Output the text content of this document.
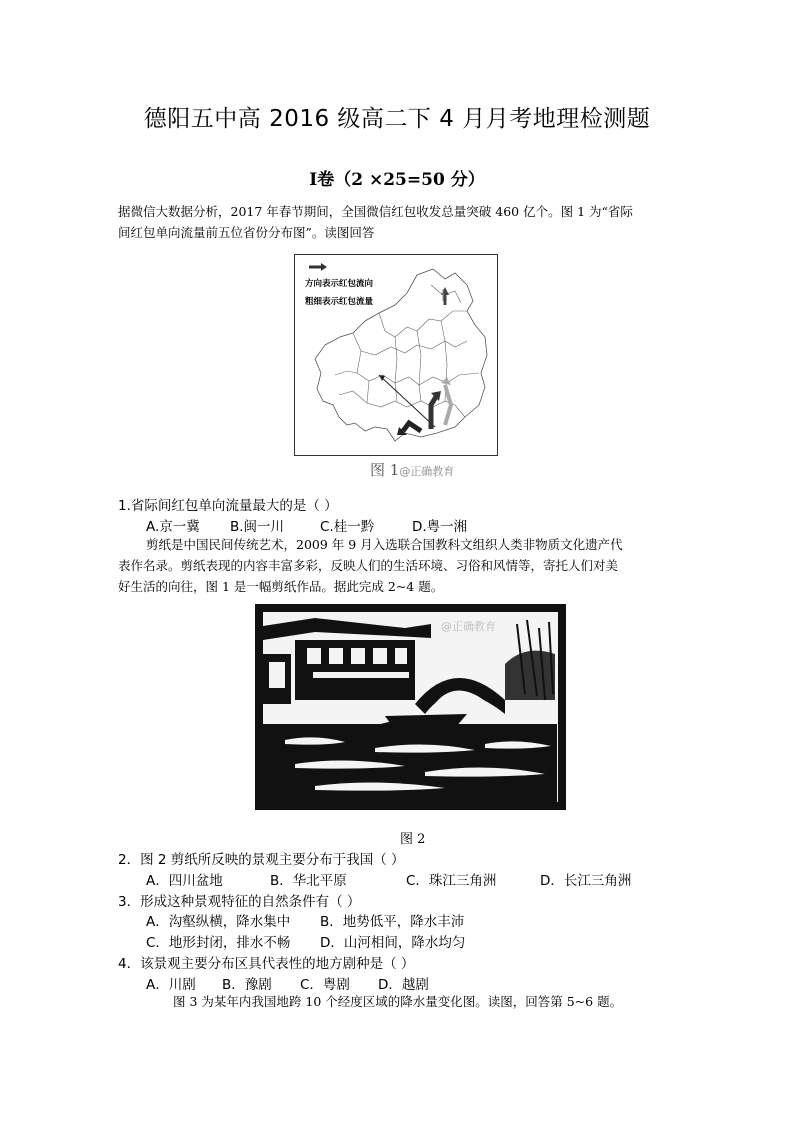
德阳五中高 2016 级高二下 4 月月考地理检测题
Ⅰ卷（2 ×25=50 分）
据微信大数据分析，2017 年春节期间，全国微信红包收发总量突破 460 亿个。图 1 为“省际
间红包单向流量前五位省份分布图”。读图回答
方向表示红包流向
粗细表示红包流量
图 1@正确教育
1.省际间红包单向流量最大的是（ ）
A.京一冀 B.闽一川	C.桂一黔	D.粤一湘
剪纸是中国民间传统艺术，2009 年 9 月入选联合国教科文组织人类非物质文化遗产代
表作名录。剪纸表现的内容丰富多彩，反映人们的生活环境、习俗和风情等，寄托人们对美
好生活的向往，图 1 是一幅剪纸作品。据此完成 2~4 题。
@正确教育
图 2
2．图 2 剪纸所反映的景观主要分布于我国（ ）
A．四川盆地	B．华北平原	C．珠江三角洲	D．长江三角洲
3．形成这种景观特征的自然条件有（ ）
A．沟壑纵横，降水集中 B．地势低平，降水丰沛
C．地形封闭，排水不畅 D．山河相间，降水均匀
4．该景观主要分布区具代表性的地方剧种是（ ）
A．川剧 B．豫剧 C．粤剧 D．越剧
图 3 为某年内我国地跨 10 个经度区域的降水量变化图。读图，回答第 5~6 题。
